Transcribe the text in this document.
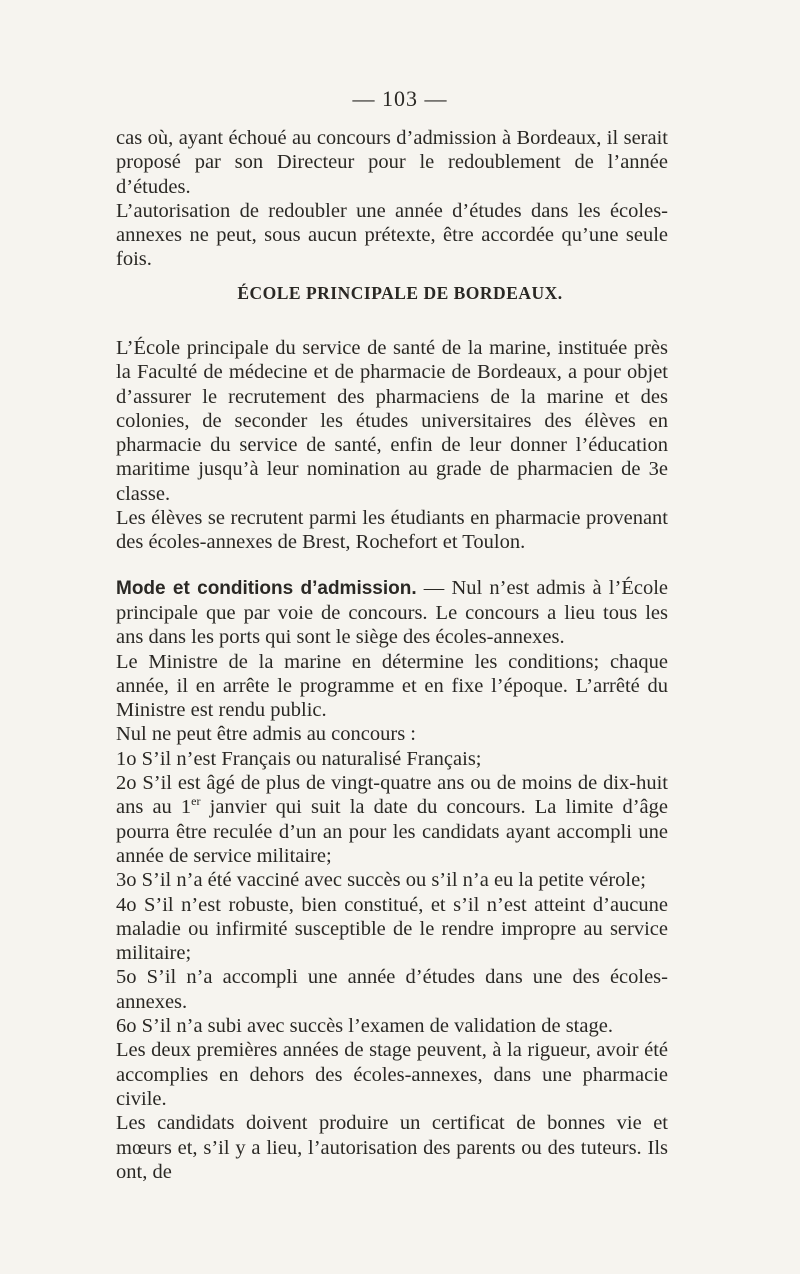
— 103 —

cas où, ayant échoué au concours d’admission à Bordeaux, il serait proposé par son Directeur pour le redoublement de l’année d’études.

L’autorisation de redoubler une année d’études dans les écoles-annexes ne peut, sous aucun prétexte, être accordée qu’une seule fois.

ÉCOLE PRINCIPALE DE BORDEAUX.

L’École principale du service de santé de la marine, instituée près la Faculté de médecine et de pharmacie de Bordeaux, a pour objet d’assurer le recrutement des pharmaciens de la marine et des colonies, de seconder les études universitaires des élèves en pharmacie du service de santé, enfin de leur donner l’éducation maritime jusqu’à leur nomination au grade de pharmacien de 3e classe.

Les élèves se recrutent parmi les étudiants en pharmacie provenant des écoles-annexes de Brest, Rochefort et Toulon.

Mode et conditions d’admission. — Nul n’est admis à l’École principale que par voie de concours. Le concours a lieu tous les ans dans les ports qui sont le siège des écoles-annexes.

Le Ministre de la marine en détermine les conditions; chaque année, il en arrête le programme et en fixe l’époque. L’arrêté du Ministre est rendu public.

Nul ne peut être admis au concours :

1o S’il n’est Français ou naturalisé Français;

2o S’il est âgé de plus de vingt-quatre ans ou de moins de dix-huit ans au 1er janvier qui suit la date du concours. La limite d’âge pourra être reculée d’un an pour les candidats ayant accompli une année de service militaire;

3o S’il n’a été vacciné avec succès ou s’il n’a eu la petite vérole;

4o S’il n’est robuste, bien constitué, et s’il n’est atteint d’aucune maladie ou infirmité susceptible de le rendre impropre au service militaire;

5o S’il n’a accompli une année d’études dans une des écoles-annexes.

6o S’il n’a subi avec succès l’examen de validation de stage.

Les deux premières années de stage peuvent, à la rigueur, avoir été accomplies en dehors des écoles-annexes, dans une pharmacie civile.

Les candidats doivent produire un certificat de bonnes vie et mœurs et, s’il y a lieu, l’autorisation des parents ou des tuteurs. Ils ont, de
